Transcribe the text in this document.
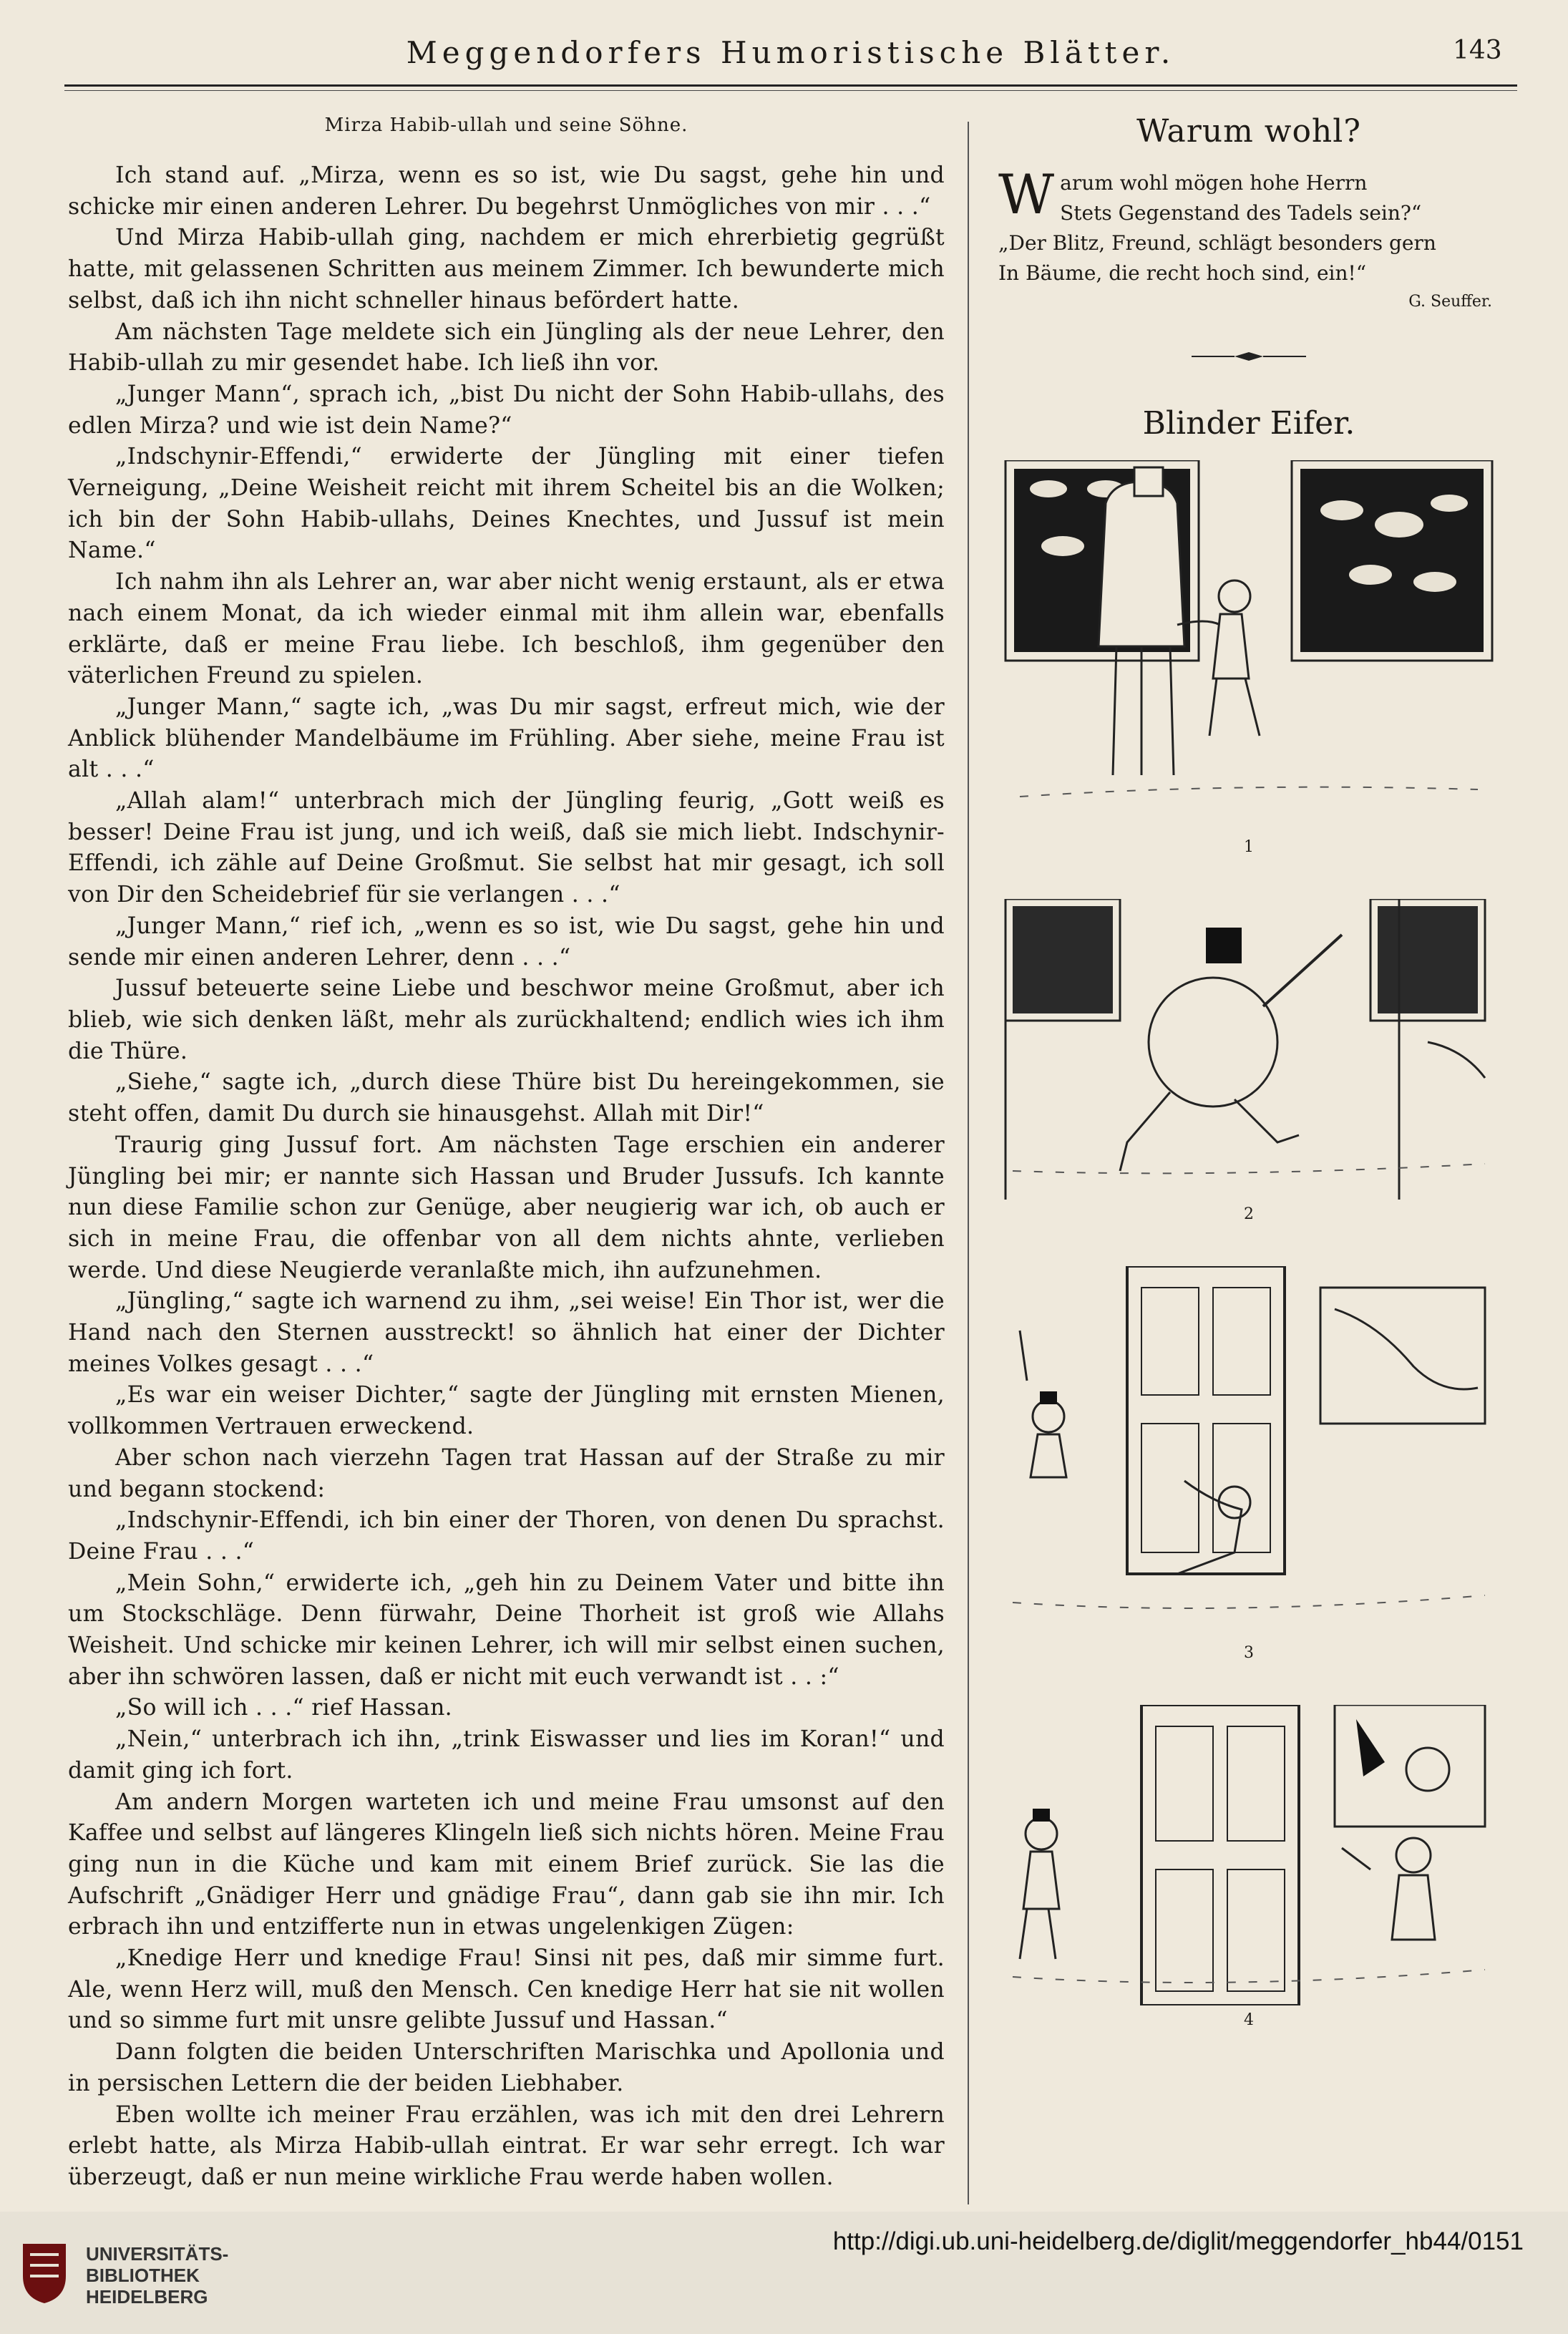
Meggendorfers Humoristische Blätter.	143
Mirza Habib-ullah und seine Söhne.

Ich stand auf. „Mirza, wenn es so ist, wie Du sagst, gehe hin und schicke mir einen anderen Lehrer. Du begehrst Unmögliches von mir . . .“

Und Mirza Habib-ullah ging, nachdem er mich ehrerbietig gegrüßt hatte, mit gelassenen Schritten aus meinem Zimmer. Ich bewunderte mich selbst, daß ich ihn nicht schneller hinaus befördert hatte.

Am nächsten Tage meldete sich ein Jüngling als der neue Lehrer, den Habib-ullah zu mir gesendet habe. Ich ließ ihn vor.

„Junger Mann“, sprach ich, „bist Du nicht der Sohn Habib-ullahs, des edlen Mirza? und wie ist dein Name?“

„Indschynir-Effendi,“ erwiderte der Jüngling mit einer tiefen Verneigung, „Deine Weisheit reicht mit ihrem Scheitel bis an die Wolken; ich bin der Sohn Habib-ullahs, Deines Knechtes, und Jussuf ist mein Name.“

Ich nahm ihn als Lehrer an, war aber nicht wenig erstaunt, als er etwa nach einem Monat, da ich wieder einmal mit ihm allein war, ebenfalls erklärte, daß er meine Frau liebe. Ich beschloß, ihm gegenüber den väterlichen Freund zu spielen.

„Junger Mann,“ sagte ich, „was Du mir sagst, erfreut mich, wie der Anblick blühender Mandelbäume im Frühling. Aber siehe, meine Frau ist alt . . .“

„Allah alam!“ unterbrach mich der Jüngling feurig, „Gott weiß es besser! Deine Frau ist jung, und ich weiß, daß sie mich liebt. Indschynir-Effendi, ich zähle auf Deine Großmut. Sie selbst hat mir gesagt, ich soll von Dir den Scheidebrief für sie verlangen . . .“

„Junger Mann,“ rief ich, „wenn es so ist, wie Du sagst, gehe hin und sende mir einen anderen Lehrer, denn . . .“

Jussuf beteuerte seine Liebe und beschwor meine Großmut, aber ich blieb, wie sich denken läßt, mehr als zurückhaltend; endlich wies ich ihm die Thüre.

„Siehe,“ sagte ich, „durch diese Thüre bist Du hereingekommen, sie steht offen, damit Du durch sie hinausgehst. Allah mit Dir!“

Traurig ging Jussuf fort. Am nächsten Tage erschien ein anderer Jüngling bei mir; er nannte sich Hassan und Bruder Jussufs. Ich kannte nun diese Familie schon zur Genüge, aber neugierig war ich, ob auch er sich in meine Frau, die offenbar von all dem nichts ahnte, verlieben werde. Und diese Neugierde veranlaßte mich, ihn aufzunehmen.

„Jüngling,“ sagte ich warnend zu ihm, „sei weise! Ein Thor ist, wer die Hand nach den Sternen ausstreckt! so ähnlich hat einer der Dichter meines Volkes gesagt . . .“

„Es war ein weiser Dichter,“ sagte der Jüngling mit ernsten Mienen, vollkommen Vertrauen erweckend.

Aber schon nach vierzehn Tagen trat Hassan auf der Straße zu mir und begann stockend:

„Indschynir-Effendi, ich bin einer der Thoren, von denen Du sprachst. Deine Frau . . .“

„Mein Sohn,“ erwiderte ich, „geh hin zu Deinem Vater und bitte ihn um Stockschläge. Denn fürwahr, Deine Thorheit ist groß wie Allahs Weisheit. Und schicke mir keinen Lehrer, ich will mir selbst einen suchen, aber ihn schwören lassen, daß er nicht mit euch verwandt ist . . :“

„So will ich . . .“ rief Hassan.

„Nein,“ unterbrach ich ihn, „trink Eiswasser und lies im Koran!“ und damit ging ich fort.

Am andern Morgen warteten ich und meine Frau umsonst auf den Kaffee und selbst auf längeres Klingeln ließ sich nichts hören. Meine Frau ging nun in die Küche und kam mit einem Brief zurück. Sie las die Aufschrift „Gnädiger Herr und gnädige Frau“, dann gab sie ihn mir. Ich erbrach ihn und entzifferte nun in etwas ungelenkigen Zügen:

„Knedige Herr und knedige Frau! Sinsi nit pes, daß mir simme furt. Ale, wenn Herz will, muß den Mensch. Cen knedige Herr hat sie nit wollen und so simme furt mit unsre gelibte Jussuf und Hassan.“

Dann folgten die beiden Unterschriften Marischka und Apollonia und in persischen Lettern die der beiden Liebhaber.

Eben wollte ich meiner Frau erzählen, was ich mit den drei Lehrern erlebt hatte, als Mirza Habib-ullah eintrat. Er war sehr erregt. Ich war überzeugt, daß er nun meine wirkliche Frau werde haben wollen.

Warum wohl?
W arum wohl mögen hohe Herrn
Stets Gegenstand des Tadels sein?“
„Der Blitz, Freund, schlägt besonders gern
In Bäume, die recht hoch sind, ein!“
G. Seuffer.
Blinder Eifer.
1
2
3
4
UNIVERSITÄTS-
BIBLIOTHEK
HEIDELBERG
http://digi.ub.uni-heidelberg.de/diglit/meggendorfer_hb44/0151
